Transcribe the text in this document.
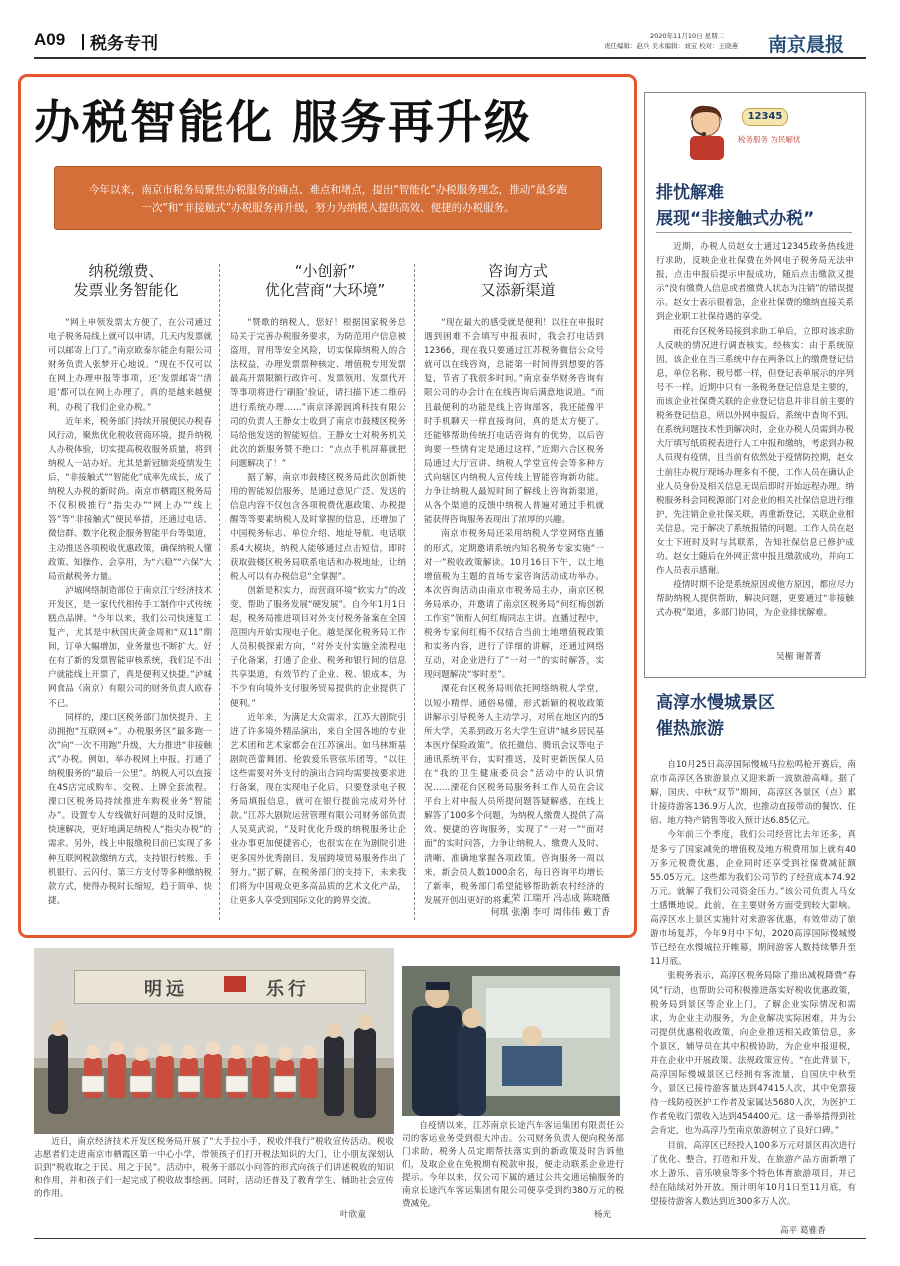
A09 税务专刊	2020年11月10日 星期二
责任编辑：赵兵 美术编辑：刘宝 校对：王晓燕 南京晨报
办税智能化 服务再升级
今年以来，南京市税务局聚焦办税服务的痛点、难点和堵点，提出“智能化”办税服务理念，推动“最多跑一次”和“非接触式”办税服务再升级，努力为纳税人提供高效、便捷的办税服务。
纳税缴费、
发票业务智能化
“小创新”
优化营商“大环境”
咨询方式
又添新渠道

“网上申领发票太方便了，在公司通过电子税务局线上就可以申请，几天内发票就可以邮寄上门了。”南京欧泰尔能企有限公司财务负责人张梦开心地说。“现在不仅可以在网上办理申报等事项，还‘发票邮寄’‘清退’都可以在网上办理了，真的是越来越便利，办税了我们企业办税。”

近年来，税务部门持续开展便民办税春风行动，聚焦优化税收营商环境，提升纳税人办税体验，切实提高税收服务质量，将到纳税人一站办好。尤其是新冠肺炎疫情发生后，“非接触式”“智能化”成率先成长，成了纳税人办税的新时尚。南京市栖霞区税务局不仅积极推行“指尖办”“网上办”“线上答”等“非接触式”便民举措，还通过电话、微信群、数字化税企服务智能平台等渠道，主动推送各项税收优惠政策，确保纳税人懂政策、知操作、会享用，为“六稳”“六保”大局贡献税务力量。

泸城网络制造部位于南京江宁经济技术开发区，是一家代代相传手工制作中式传统糕点品牌。“今年以来，我们公司快速复工复产，尤其是中秋国庆黄金周和“双11”期间，订单大幅增加，业务量也不断扩大。好在有了新的发票智能审核系统，我们足不出户就能线上开票了，真是便利又快捷。”泸城网食品（南京）有限公司的财务负责人欧春不已。

同样的，溧口区税务部门加快提升、主动拥抱“互联网+”。办税服务区“最多跑一次”向“一次不用跑”升级，大力推进“非接触式”办税。例如，举办税网上申报，打通了纳税服务的“最后一公里”。纳税人可以直接在4S店完成购车、交税、上牌全套流程。溧口区税务局持续推进车购税业务“智能办”。设置专人专线做好问题的及时反馈，快速解决，更好地满足纳税人“指尖办税”的需求。另外，线上申报缴税目前已实现了多种互联网税款缴纳方式，支持银行转账、手机银行、云闪付、第三方支付等多种缴纳税款方式，使得办税时长缩短，趋于简单、快捷。

“赞歌的纳税人，您好！根据国家税务总局关于完善办税服务要求，为防范用户信息被盗用，冒用等安全风险，切实保障纳税人的合法权益，办理发票票种核定、增值税专用发票最高开票限额行政许可、发票领用、发票代开等事项将进行‘刷脸’验证，请扫描下述二维码进行系统办理……”南京泽源润鸿科技有限公司的负责人王静女士收到了南京市鼓楼区税务局给他发送的智能短信。王静女士对税务机关此次的新服务赞不绝口：“点点手机屏幕就把问题解决了！”

据了解，南京市鼓楼区税务局此次创新使用的智能短信服务，是通过意见广泛、发送的信息内容不仅包含各项税费优惠政策、办税提醒等等要素纳税人及时掌握的信息，还增加了中国税务标志、单位介绍、地址导航、电话联系4大模块，纳税人能够通过点击短信，即时获取鼓楼区税务局联系电话和办税地址，让纳税人可以有办税信息“全掌握”。

创新是积实力，而营商环境“软实力”的改变，帮助了服务发展“硬发展”。自今年1月1日起，税务局推进项目对外支付税务备案在全国范围内开始实现电子化。越是深化税务局工作人员积极探索方向，“对外支付实施全流程电子化备案，打通了企业、税务和银行间的信息共享渠道，有效节约了企业、税、银成本，为不少有向境外支付服务贸易提供的企业提供了便利。”

近年来，为满足大众需求，江苏大剧院引进了许多境外精品演出，来自全国各地的专业艺术团和艺术家都会在江苏演出。如马林斯基剧院芭蕾舞团、伦敦爱乐管弦乐团等，“以往这些需要对外支付的演出合同均需要按要求进行备案，现在实现电子化后，只要登录电子税务局填报信息，就可在银行提前完成对外付款。”江苏大剧院运营管理有限公司财务部负责人吴莫武说，“及时优化升级的纳税服务让企业办事更加便捷省心，也很实在在为剧院引进更多国外优秀剧目、发展跨境贸易服务作出了努力。”据了解，在税务部门的支持下，未来我们将为中国观众更多高品质的艺术文化产品，让更多人享受到国际文化的跨界交流。

“现在最大的感受就是便利！以往在申报时遇到困难不会填写申报表时，我会打电话到12366，现在我只要通过江苏税务微信公众号就可以在线咨询，总能第一时间得到想要的答复，节省了我很多时间。”南京泰华财务咨询有限公司的办会计在在线咨询后满意地说道。“而且最便利的功能是线上咨询部客，我还能像平时手机聊天一样直接询问，真的是太方便了。还能够帮助传统打电话咨询有的优势，以后咨询要一些情有定是通过这样，”近期六合区税务局通过大厅宣讲、纳税人学堂宣传会等多种方式向辖区内纳税人宣传线上智能咨询新功能。力争让纳税人最短时间了解线上咨询新渠道，从各个渠道的反馈中纳税人普遍对通过手机就能获得咨询服务表现出了浓厚的兴趣。

南京市税务局还采用纳税人学堂网络直播的形式，定期邀请系统内知名税务专家实施“一对一”税收政策解读。10月16日下午，以土地增值税为主题的首场专家咨询活动成功举办。本次咨询活动由南京市税务局主办，南京区税务局承办，并邀请了南京区税务局“何红梅创新工作室”领衔人何红梅同志主讲。直播过程中，税务专家何红梅不仅结合当前土地增值税政策和实务内容，进行了详细的讲解，还通过网络互动，对企业进行了“一对一”的实时解答，实现问题解决“零时差”。

溧花台区税务局则依托网络纳税人学堂，以短小精悍、通俗易懂，形式新颖的税收政策讲解示引导税务人主动学习，对所在地区内的5所大学，关系到政万名大学生宣讲“城乡居民基本医疗保险政策”。依托微信、腾讯会议等电子通讯系统平台，实时推送，及时更新医保人员在“我的卫生健康委员会”活动中的认识情况……溧花台区税务局服务科工作人员在会议平台上对申报人员所提问题答疑解惑，在线上解答了100多个问题，为纳税人缴费人提供了高效、便捷的咨询服务，实现了“一对一”“面对面”的实时问答，力争让纳税人、缴费人及时、清晰、准确地掌握各项政策。咨询服务一周以来，新会员人数1000余名，每日咨询平均增长了新率，税务部门希望能够帮助新农村经济的发展开创出更好的将来。

王荣 江瑞开 冯志成 陈晓薇
何琪 张潮 李可 周伟伟 戴丁香
12345
税务服务 为民解忧
排忧解难
展现“非接触式办税”

近期，办税人员赵女士通过12345政务热线进行求助，反映企业社保费在外网电子税务局无法申报，点击申报后提示申报成功，随后点击缴款又提示“没有缴费人信息或者缴费人状态为注销”的错误提示。赵女士表示很着急，企业社保费的缴纳直接关系到企业职工社保待遇的享受。

雨花台区税务局接到求助工单后，立即对该求助人反映的情况进行调查核实。经核实：由于系统原因，该企业在当三系统中存在两条以上的缴费登记信息，单位名称、税号都一样，但登记表单展示的序列号不一样。近期中只有一条税务登记信息是主要的，而该企业社保费关联的企业登记信息并非目前主要的税务登记信息，所以外网申报后，系统中查询不到。在系统问题技术性到解决时，企业办税人员需到办税大厅填写纸质税表进行人工申报和缴纳，考虑到办税人员现有疫情，且当前有依然处于疫情防控期，赵女士前往办税厅现场办理多有不便，工作人员在确认企业人员身份及相关信息无误后即时开始远程办理。纳税服务科会同税源部门对企业的相关社保信息进行维护，先注销企业社保关联，再重新登记，关联企业相关信息，完于解决了系统报错的问题。工作人员在赵女士下班时及时与其联系，告知社保信息已修护成功。赵女士随后在外网正常申报且缴款成功，并向工作人员表示感谢。

疫情时期不论是系统原因或他方原因，都应尽力帮助纳税人提供帮助，解决问题，更要通过“非接触式办税”渠道，多部门协同，为企业排忧解难。

吴楣 谢菁菁
高淳水慢城景区
催热旅游

自10月25日高淳国际慢城马拉松鸣枪开赛后，南京市高淳区各旅游景点又迎来新一波旅游高峰。据了解，国庆、中秋“双节”期间，高淳区各景区（点）累计接待游客136.9万人次，也推动直接带动的餐饮、住宿、地方特产销售等收入预计达6.85亿元。

今年前三个季度，我们公司经营比去年还多，真是多亏了国家减免的增值税及地方税费用加上就有40万多元税费优惠，企业同时还享受到社保费减征额55.05万元。这些都为我们公司节约了经营成本74.92万元。就解了我们公司资金压力。”该公司负责人马女士感慨地说。此前，在主要财务方面受到较大影响。高淳区水上景区实施针对来游客优惠，有效带动了旅游市场复苏，今年9月中下旬，2020高淳国际慢城慢节已经在水慢城拉开帷幕，期间游客人数持续攀升至11月底。

张税务表示，高淳区税务局除了推出减税降费“春风”行动，也帮助公司积极推进落实好税收优惠政策，税务局到景区等企业上门，了解企业实际情况和需求，为企业主动服务，为企业解决实际困难，并为公司提供优惠税收政策，向企业推送相关政策信息，多个景区，辅导员在其中积极协助，为企业申报退税，并在企业中开展政策、法规政策宣传。“在此背景下，高淳国际慢城景区已经拥有客流量，自国庆中秋至今，景区已接待游客量达到47415人次，其中免票接待一线防疫医护工作者及家属达5680人次，为医护工作者免收门票收入达到454400元。这一番举措得到社会肯定，也为高淳乃至南京旅游树立了良好口碑。”

目前，高淳区已经投入100多万元对景区再次进行了优化、整合，打造和开发，在旅游产品方面新增了水上游乐、音乐喷泉等多个特色体育旅游项目，并已经在陆续对外开放。预计明年10月1日至11月底，有望接待游客人数达到近300多万人次。

高平 葛雅香
明远	乐行
近日，南京经济技术开发区税务局开展了“大手拉小手，税收伴我行”税收宣传活动。税收志愿者们走进南京市栖霞区第一中心小学，带领孩子们打开税法知识的大门，让小朋友深刻认识到“税收取之于民、用之于民”。活动中，税务干部以小问答的形式向孩子们讲述税收的知识和作用，并和孩子们一起完成了税收故事绘画。同时，活动还普及了教育学生、辅助社会宣传的作用。
叶欣童
自疫情以来，江苏南京长途汽车客运集团有限责任公司的客运业务受到很大冲击。公司财务负责人便向税务部门求助，税务人员定期帮扶落实到的新政策及时告诉他们，及取企业在免税期有税款申报，便走动联系企业进行提示。今年以来，仅公司下属的通过公共交通运输服务的南京长途汽车客运集团有限公司便享受到约380万元的税费减免。
杨光
